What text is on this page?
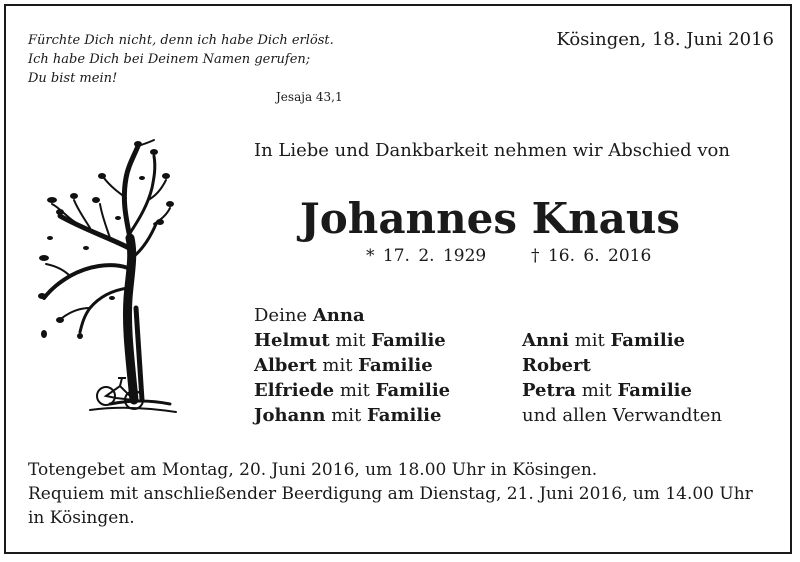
Fürchte Dich nicht, denn ich habe Dich erlöst.
Ich habe Dich bei Deinem Namen gerufen;
Du bist mein!
Jesaja 43,1
Kösingen, 18. Juni 2016
In Liebe und Dankbarkeit nehmen wir Abschied von
Johannes Knaus
* 17. 2. 1929	† 16. 6. 2016
Deine Anna
Helmut mit Familie
Albert mit Familie
Elfriede mit Familie
Johann mit Familie
Anni mit Familie
Robert
Petra mit Familie
und allen Verwandten
Totengebet am Montag, 20. Juni 2016, um 18.00 Uhr in Kösingen.
Requiem mit anschließender Beerdigung am Dienstag, 21. Juni 2016, um 14.00 Uhr
in Kösingen.
